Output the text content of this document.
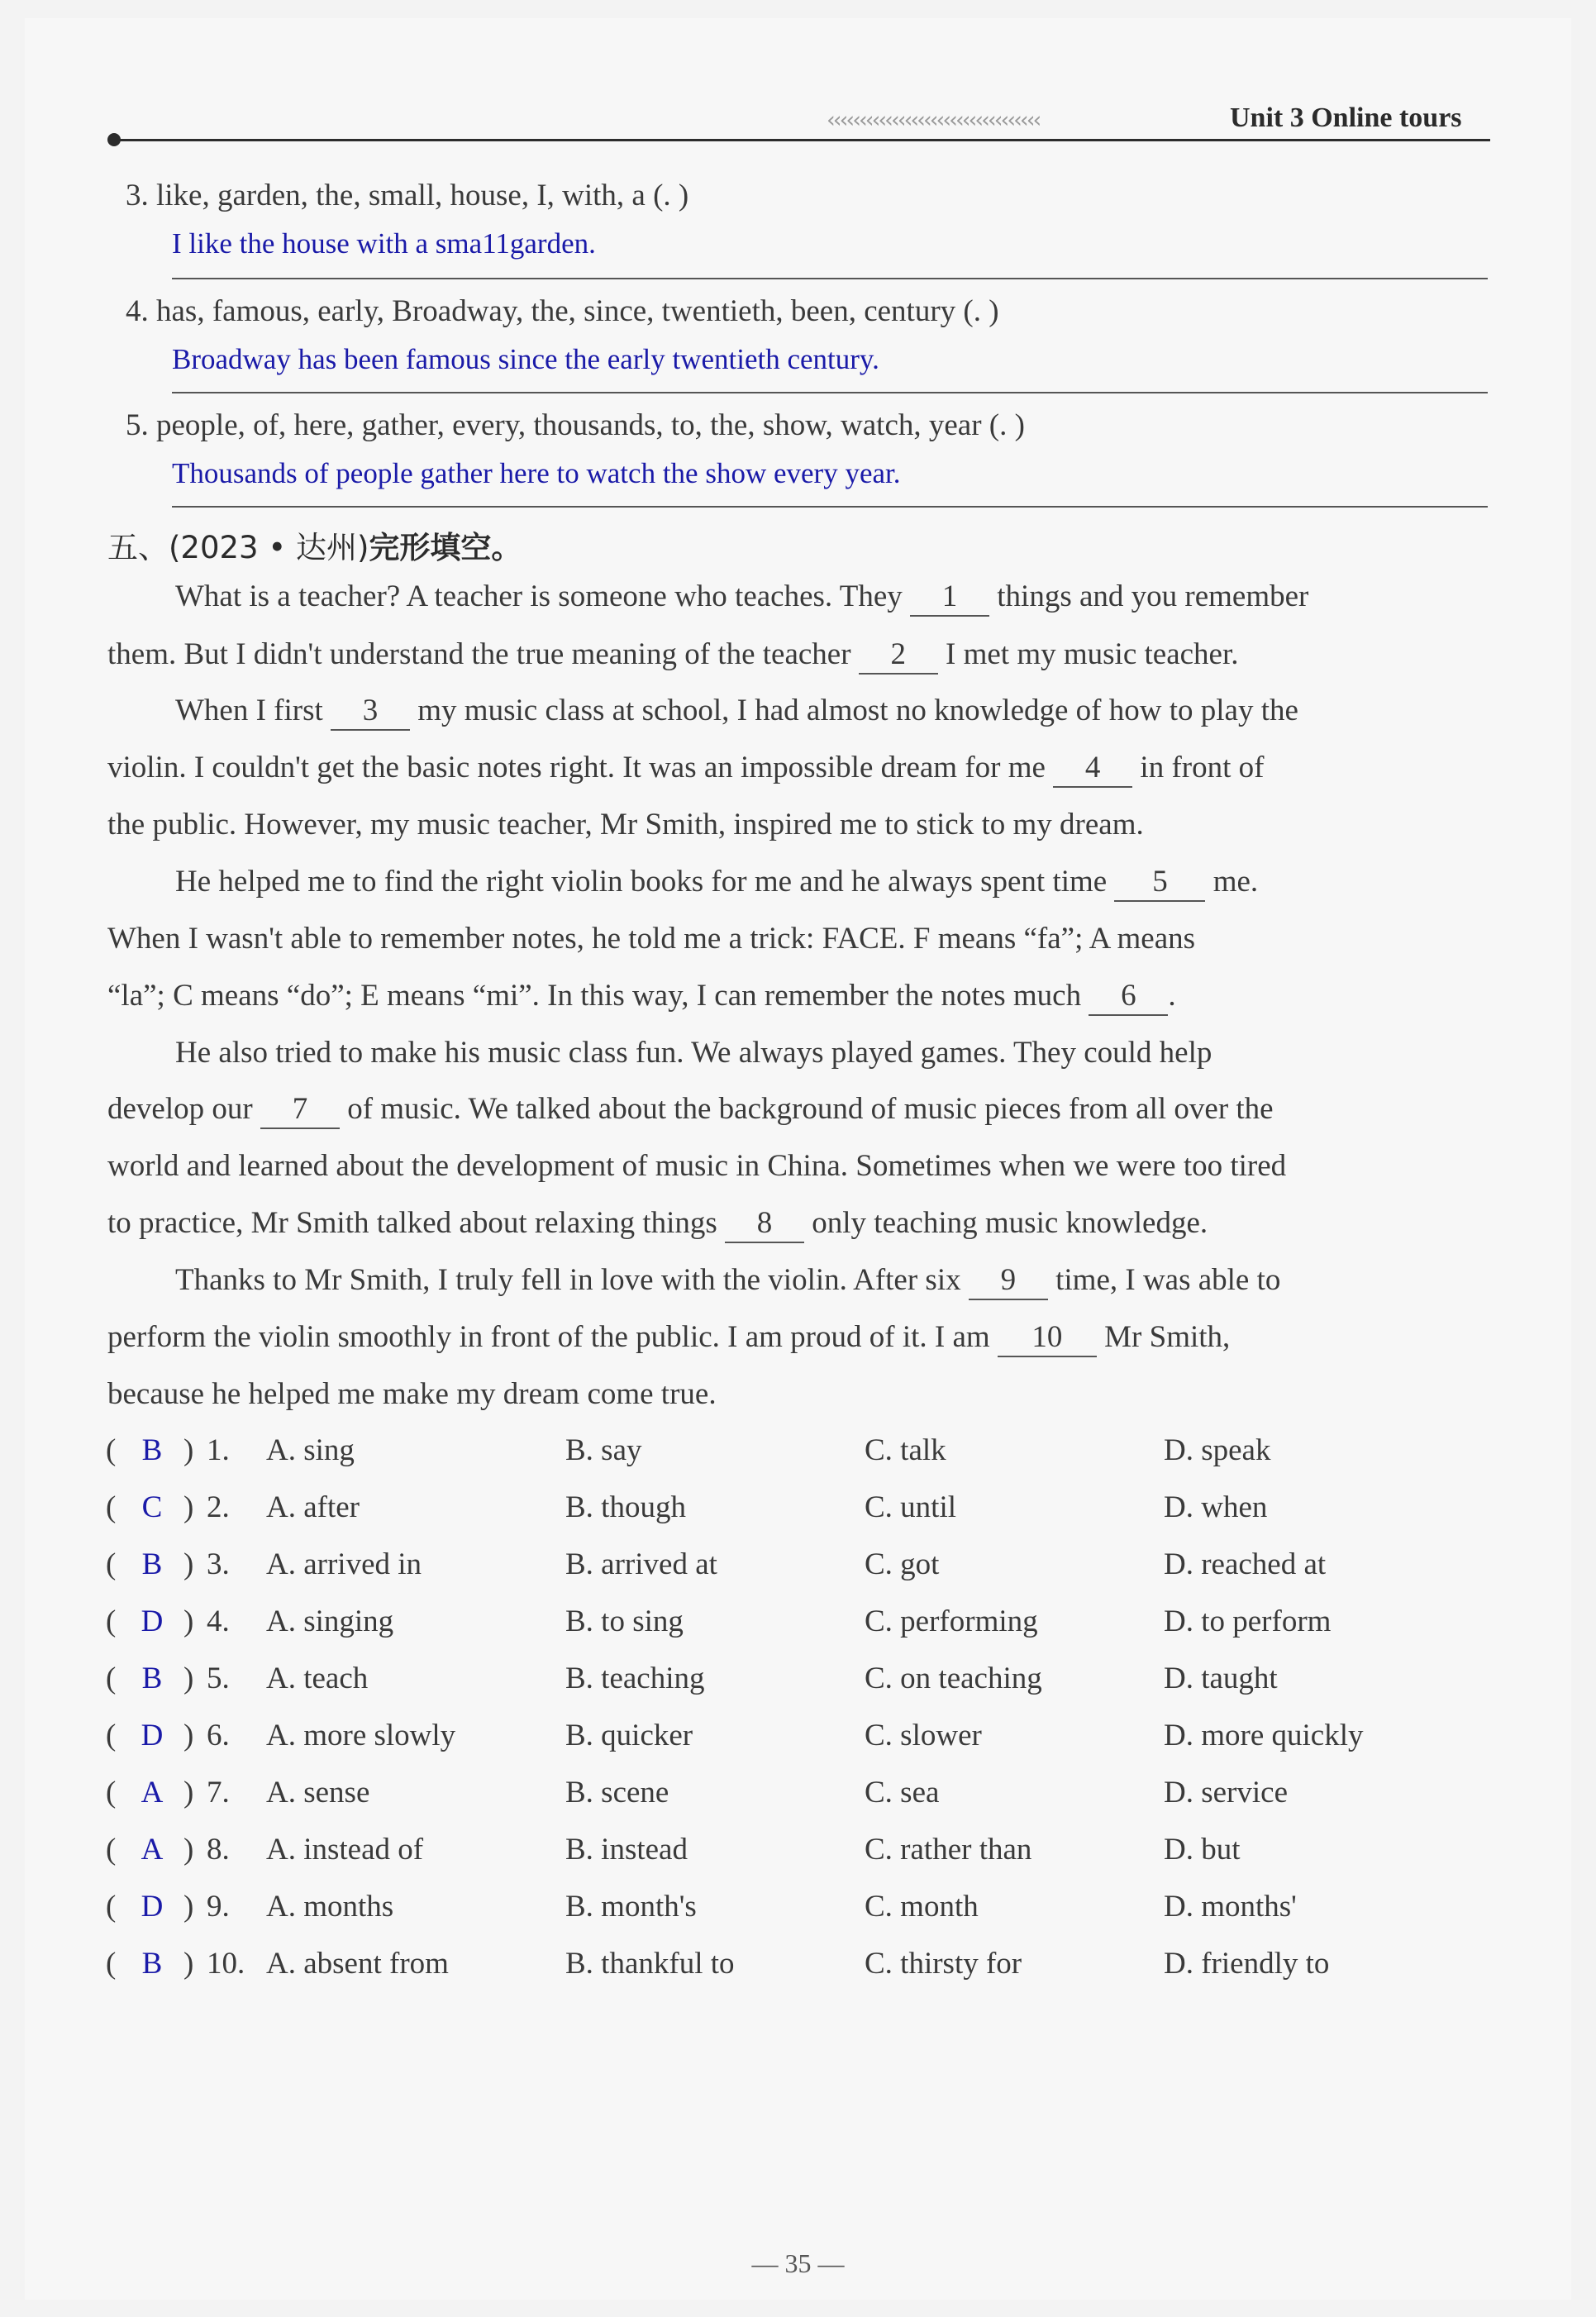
‹‹‹‹‹‹‹‹‹‹‹‹‹‹‹‹‹‹‹‹‹‹‹‹‹‹‹‹‹‹‹‹‹	Unit 3 Online tours
3. like, garden, the, small, house, I, with, a (. )
I like the house with a sma11garden.
4. has, famous, early, Broadway, the, since, twentieth, been, century (. )
Broadway has been famous since the early twentieth century.
5. people, of, here, gather, every, thousands, to, the, show, watch, year (. )
Thousands of people gather here to watch the show every year.
五、(2023 • 达州)完形填空。
What is a teacher? A teacher is someone who teaches. They 1 things and you remember
them. But I didn't understand the true meaning of the teacher 2 I met my music teacher.
When I first 3 my music class at school, I had almost no knowledge of how to play the
violin. I couldn't get the basic notes right. It was an impossible dream for me 4 in front of
the public. However, my music teacher, Mr Smith, inspired me to stick to my dream.
He helped me to find the right violin books for me and he always spent time 5 me.
When I wasn't able to remember notes, he told me a trick: FACE. F means “fa”; A means
“la”; C means “do”; E means “mi”. In this way, I can remember the notes much 6 .
He also tried to make his music class fun. We always played games. They could help
develop our 7 of music. We talked about the background of music pieces from all over the
world and learned about the development of music in China. Sometimes when we were too tired
to practice, Mr Smith talked about relaxing things 8 only teaching music knowledge.
Thanks to Mr Smith, I truly fell in love with the violin. After six 9 time, I was able to
perform the violin smoothly in front of the public. I am proud of it. I am 10 Mr Smith,
because he helped me make my dream come true.
( B ) 1. A. sing	B. say	C. talk	D. speak
( C ) 2. A. after	B. though	C. until	D. when
( B ) 3. A. arrived in	B. arrived at	C. got	D. reached at
( D ) 4. A. singing	B. to sing	C. performing	D. to perform
( B ) 5. A. teach	B. teaching	C. on teaching	D. taught
( D ) 6. A. more slowly	B. quicker	C. slower	D. more quickly
( A ) 7. A. sense	B. scene	C. sea	D. service
( A ) 8. A. instead of	B. instead	C. rather than	D. but
( D ) 9. A. months	B. month's	C. month	D. months'
( B ) 10. A. absent from	B. thankful to	C. thirsty for	D. friendly to
— 35 —
